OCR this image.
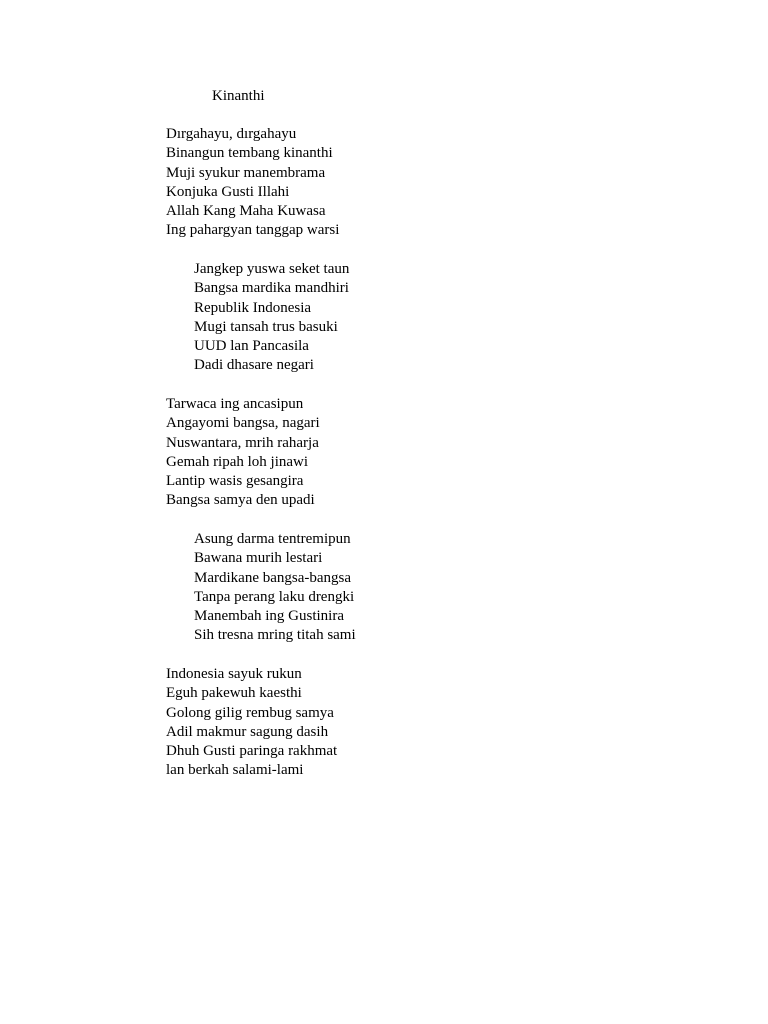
Kinanthi
Dırgahayu, dırgahayu
Binangun tembang kinanthi
Muji syukur manembrama
Konjuka Gusti Illahi
Allah Kang Maha Kuwasa
Ing pahargyan tanggap warsi
Jangkep yuswa seket taun
Bangsa mardika mandhiri
Republik Indonesia
Mugi tansah trus basuki
UUD lan Pancasila
Dadi dhasare negari
Tarwaca ing ancasipun
Angayomi bangsa, nagari
Nuswantara, mrih raharja
Gemah ripah loh jinawi
Lantip wasis gesangira
Bangsa samya den upadi
Asung darma tentremipun
Bawana murih lestari
Mardikane bangsa-bangsa
Tanpa perang laku drengki
Manembah ing Gustinira
Sih tresna mring titah sami
Indonesia sayuk rukun
Eguh pakewuh kaesthi
Golong gilig rembug samya
Adil makmur sagung dasih
Dhuh Gusti paringa rakhmat
lan berkah salami-lami
